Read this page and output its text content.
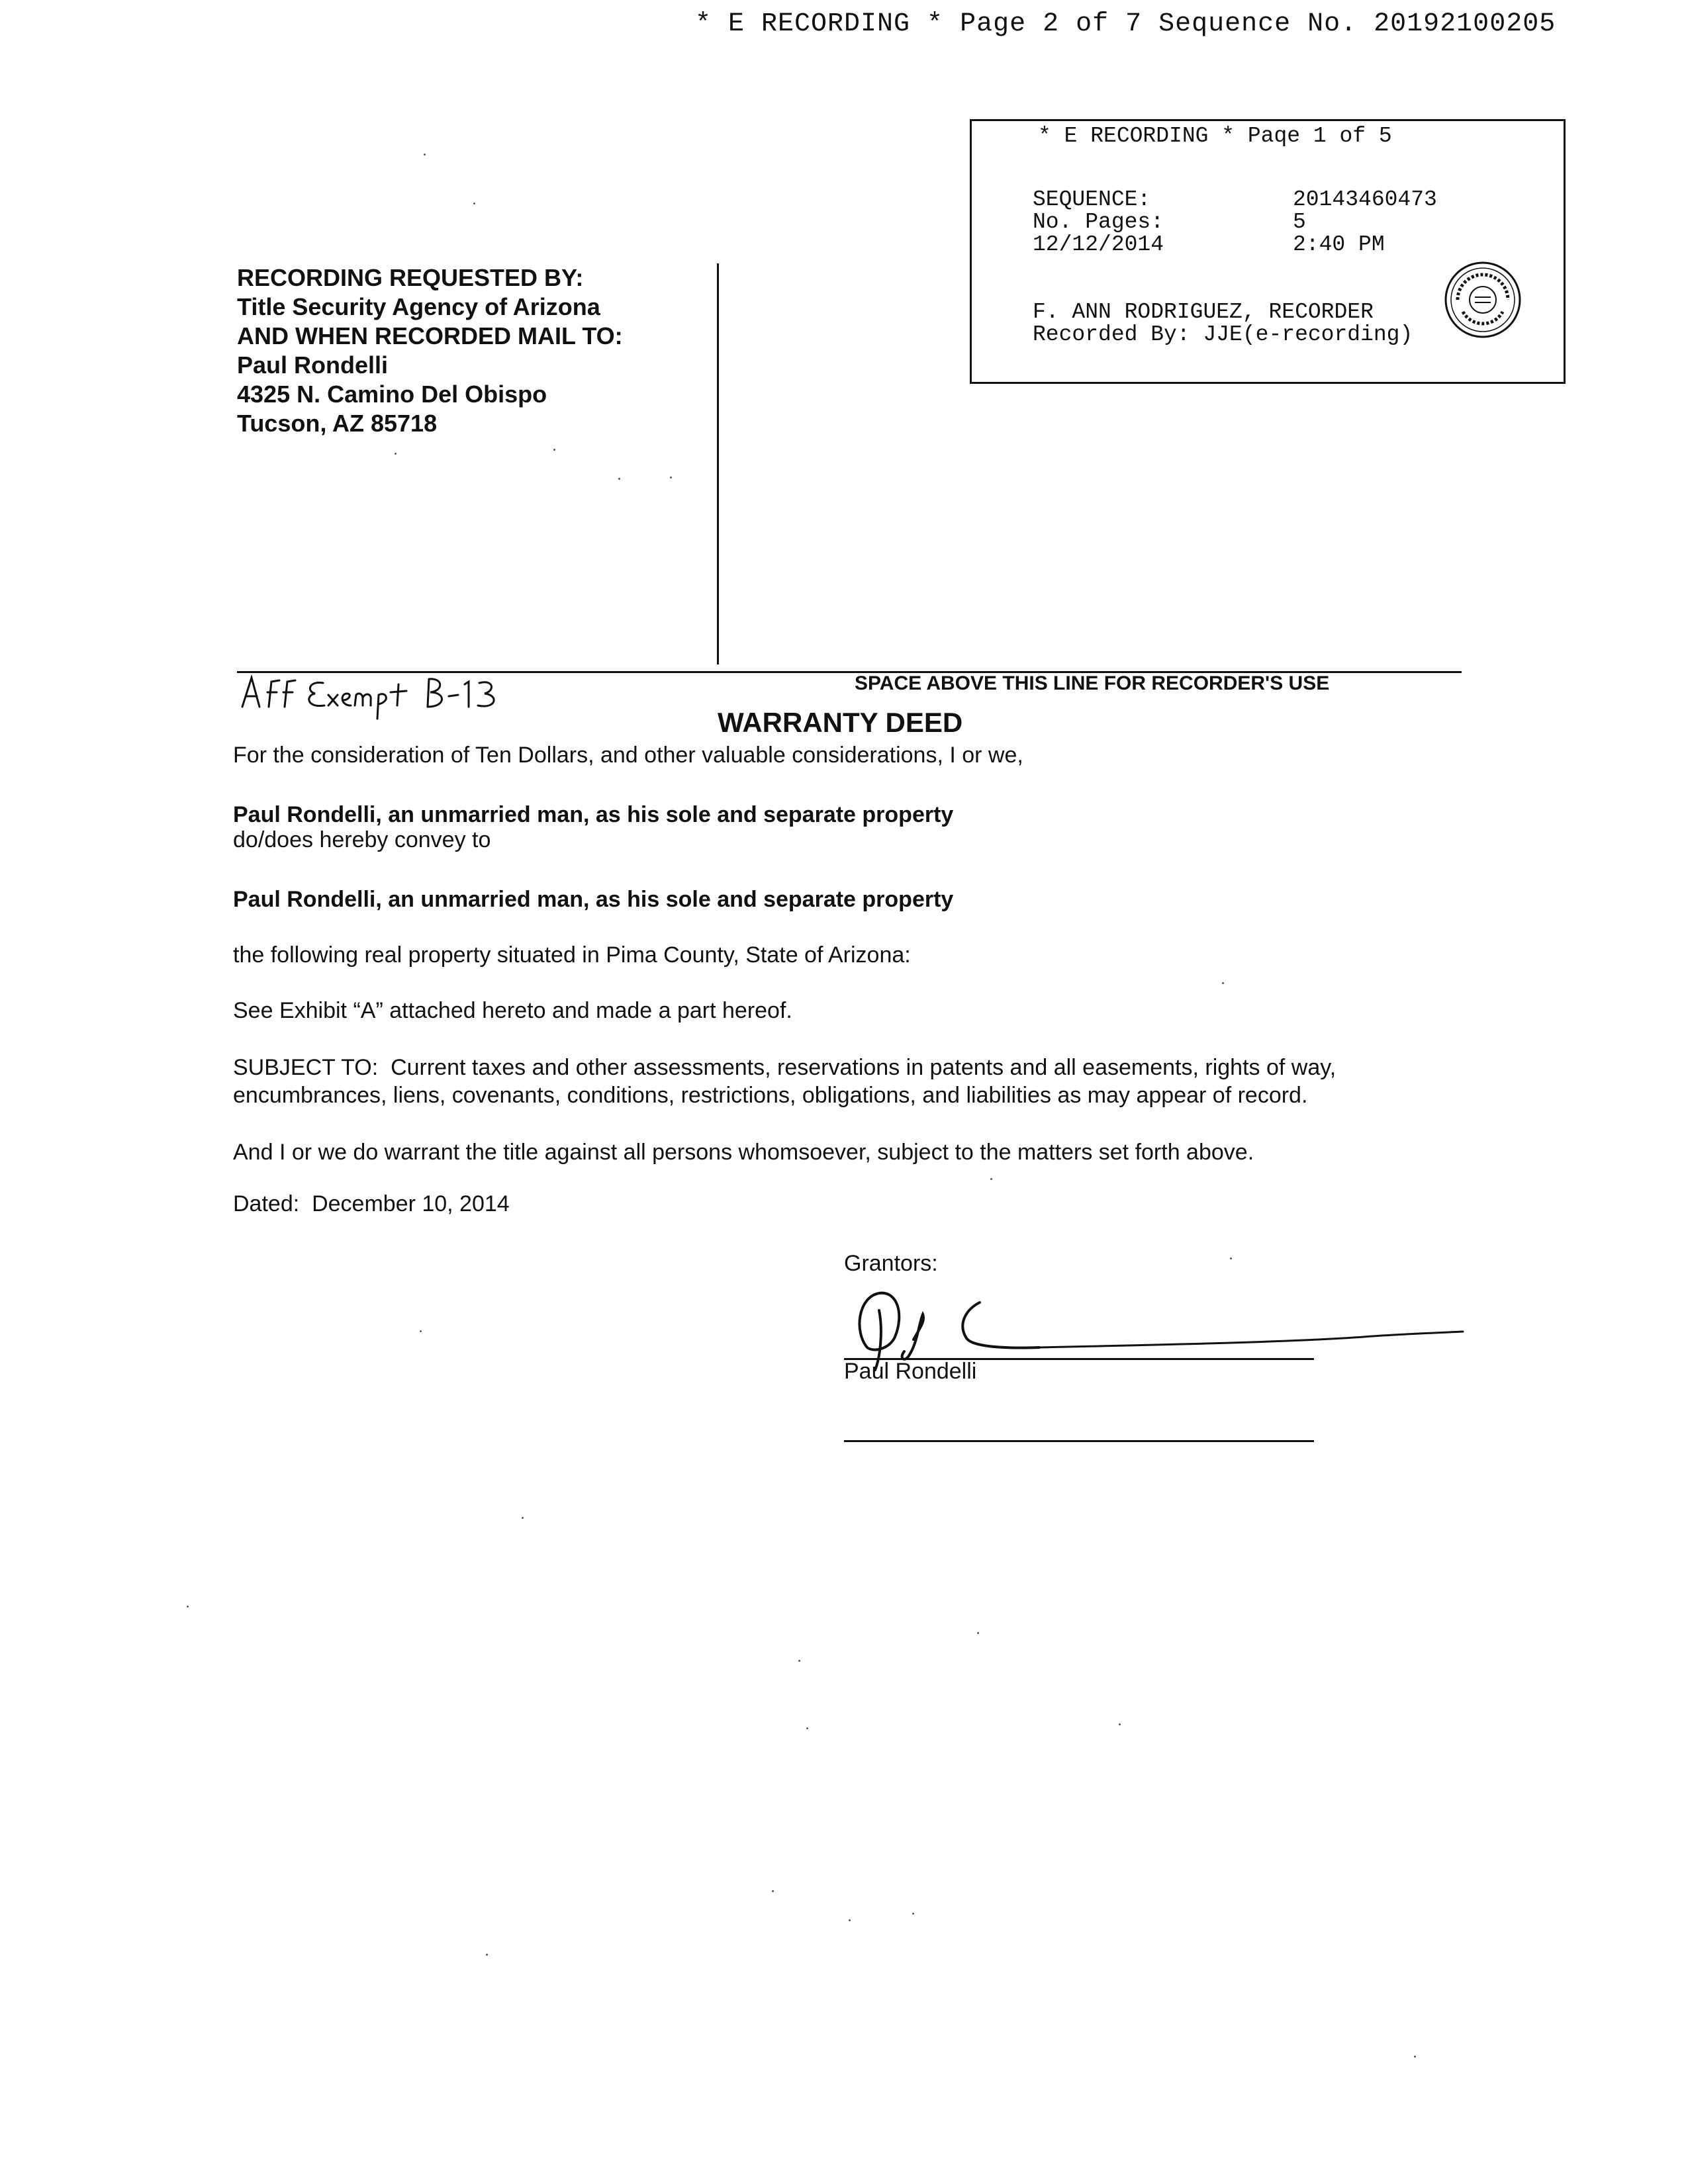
* E RECORDING * Page 2 of 7 Sequence No. 20192100205
* E RECORDING * Paqe 1 of 5
SEQUENCE:	20143460473
No. Pages:	5
12/12/2014	2:40 PM
F. ANN RODRIGUEZ, RECORDER
Recorded By: JJE(e-recording)
RECORDING REQUESTED BY:
Title Security Agency of Arizona
AND WHEN RECORDED MAIL TO:
Paul Rondelli
4325 N. Camino Del Obispo
Tucson, AZ 85718
SPACE ABOVE THIS LINE FOR RECORDER'S USE
WARRANTY DEED
For the consideration of Ten Dollars, and other valuable considerations, I or we,
Paul Rondelli, an unmarried man, as his sole and separate property
do/does hereby convey to
Paul Rondelli, an unmarried man, as his sole and separate property
the following real property situated in Pima County, State of Arizona:
See Exhibit “A” attached hereto and made a part hereof.
SUBJECT TO:  Current taxes and other assessments, reservations in patents and all easements, rights of way,
encumbrances, liens, covenants, conditions, restrictions, obligations, and liabilities as may appear of record.
And I or we do warrant the title against all persons whomsoever, subject to the matters set forth above.
Dated:  December 10, 2014
Grantors:
Paul Rondelli
